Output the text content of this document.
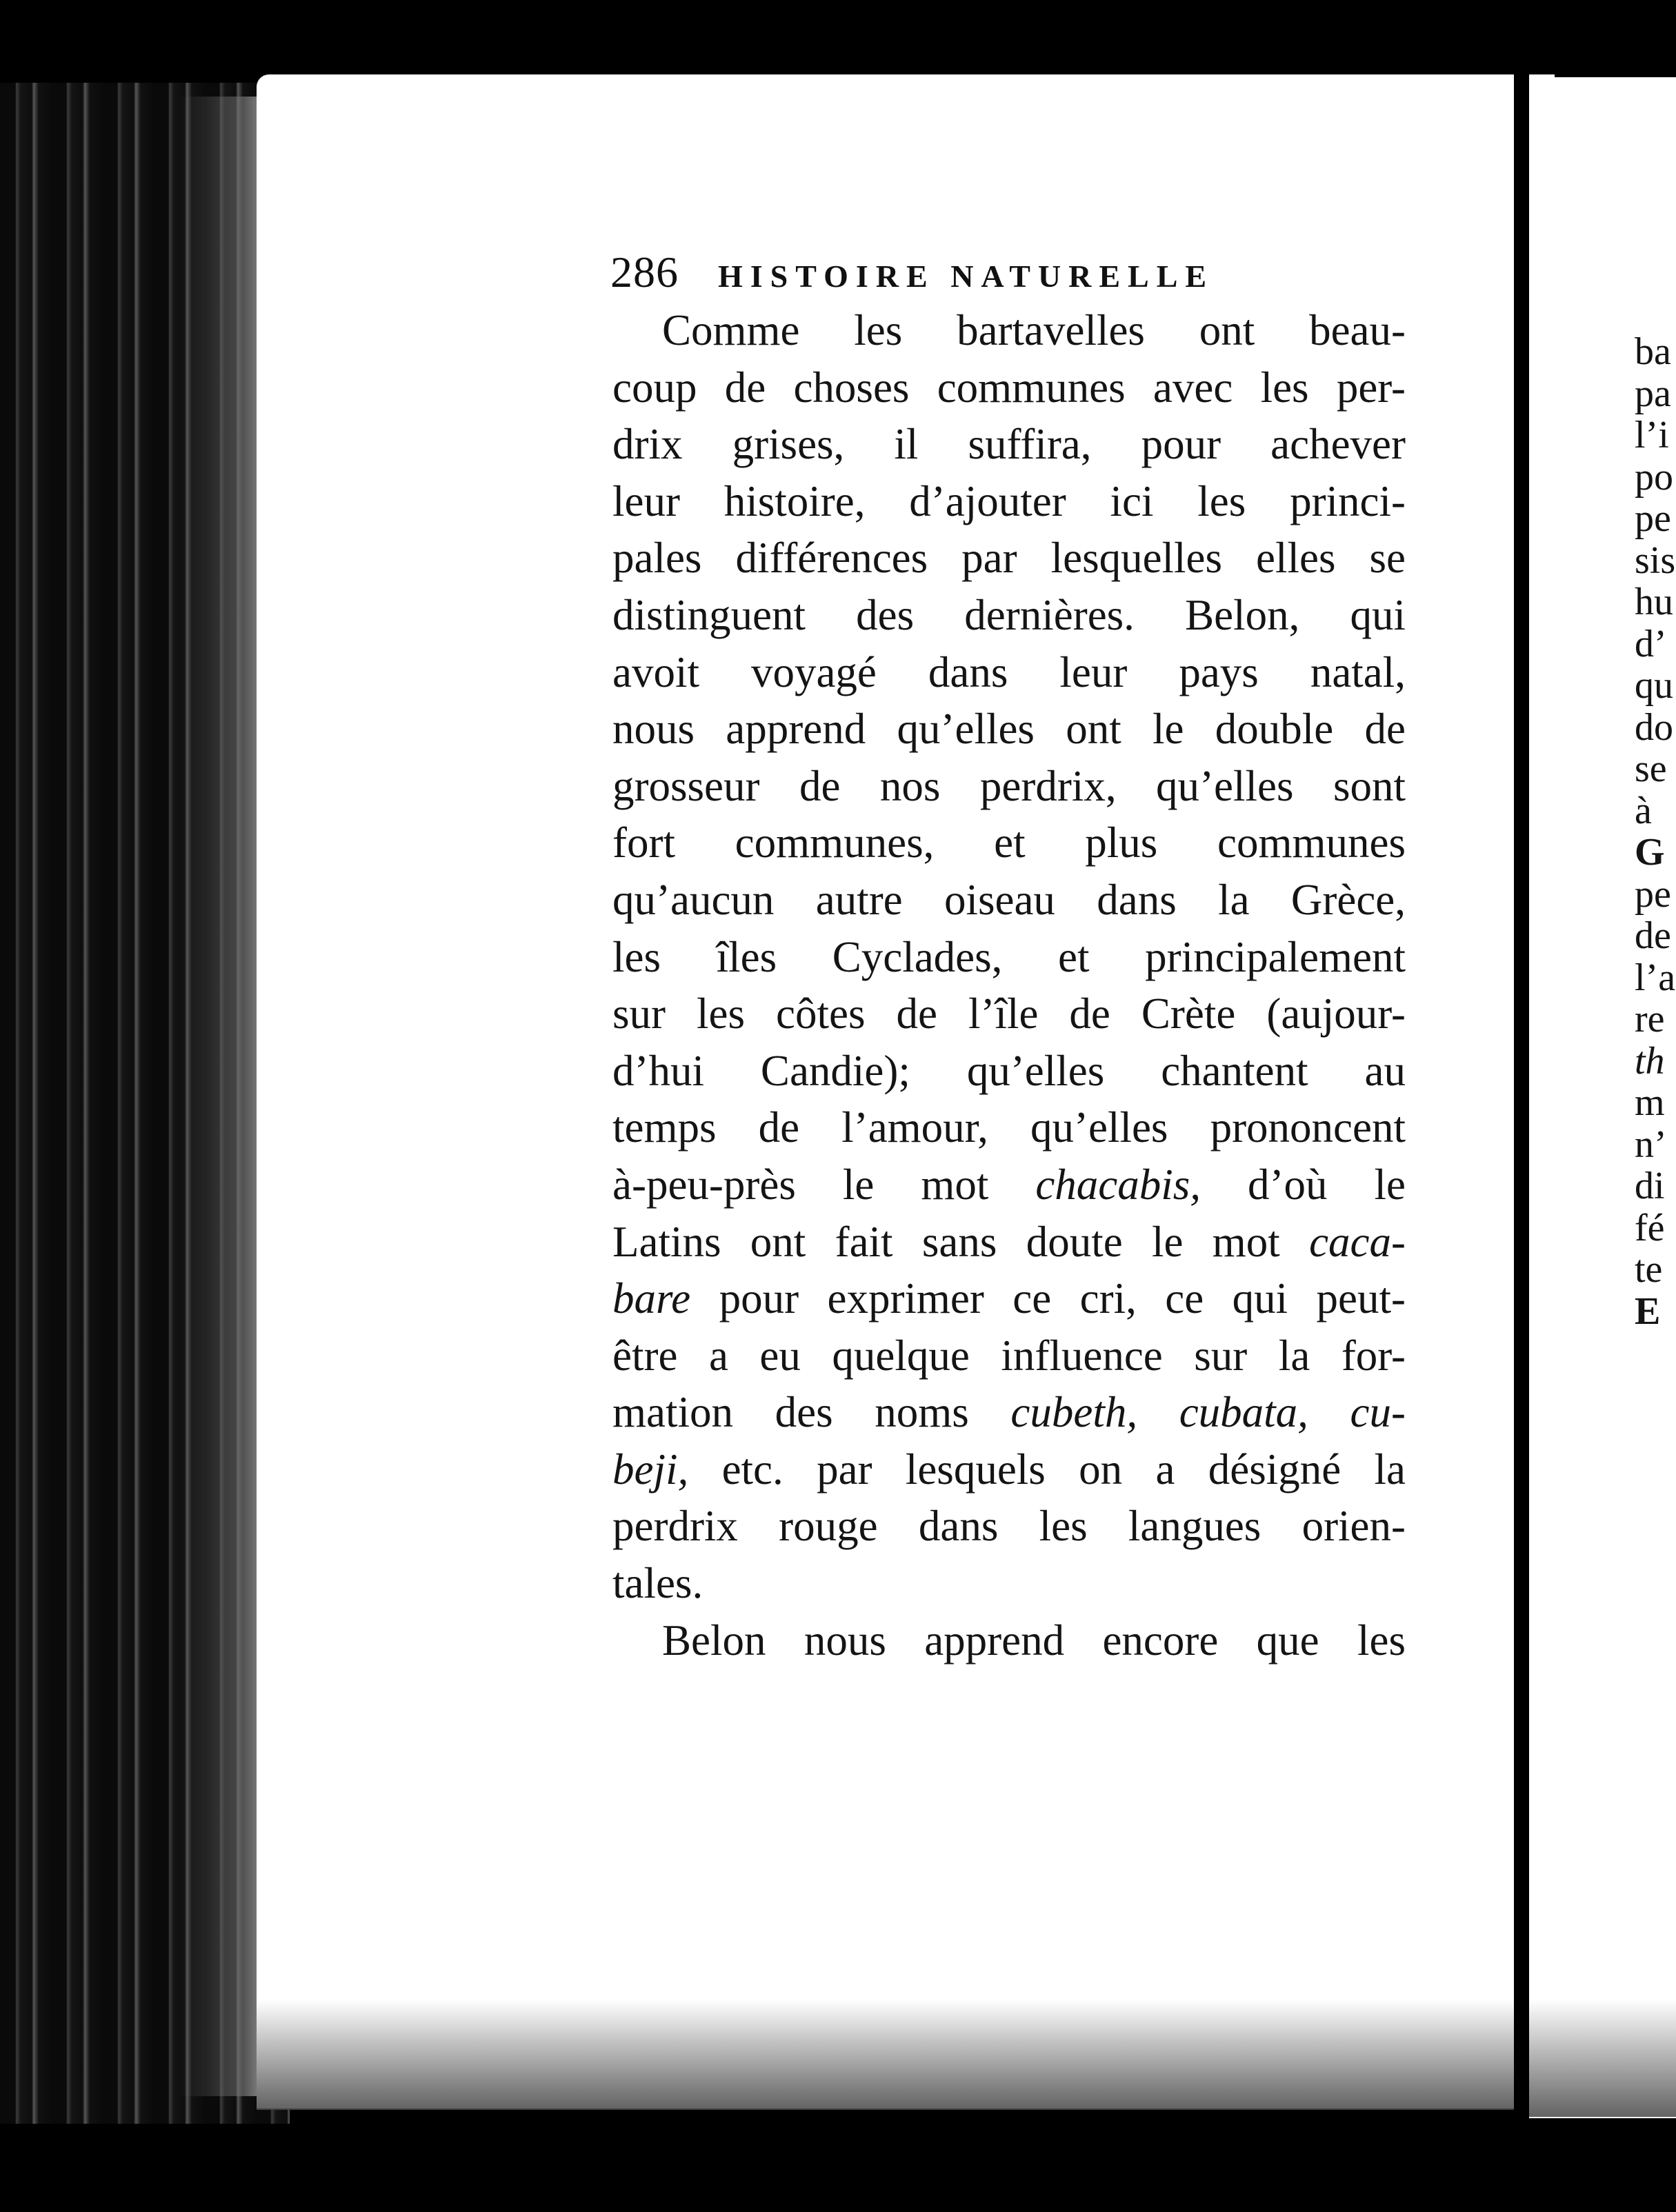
286 HISTOIRE NATURELLE
Comme les bartavelles ont beau-
coup de choses communes avec les per-
drix grises, il suffira, pour achever
leur histoire, d’ajouter ici les princi-
pales différences par lesquelles elles se
distinguent des dernières. Belon, qui
avoit voyagé dans leur pays natal,
nous apprend qu’elles ont le double de
grosseur de nos perdrix, qu’elles sont
fort communes, et plus communes
qu’aucun autre oiseau dans la Grèce,
les îles Cyclades, et principalement
sur les côtes de l’île de Crète (aujour-
d’hui Candie); qu’elles chantent au
temps de l’amour, qu’elles prononcent
à-peu-près le mot chacabis, d’où le
Latins ont fait sans doute le mot caca-
bare pour exprimer ce cri, ce qui peut-
être a eu quelque influence sur la for-
mation des noms cubeth, cubata, cu-
beji, etc. par lesquels on a désigné la
perdrix rouge dans les langues orien-
tales.
Belon nous apprend encore que les
ba
pa
l’i
po
pe
sis
hu
d’
qu
do
se
à
G
pe
de
l’a
re
th
m
n’
di
fé
te
E
